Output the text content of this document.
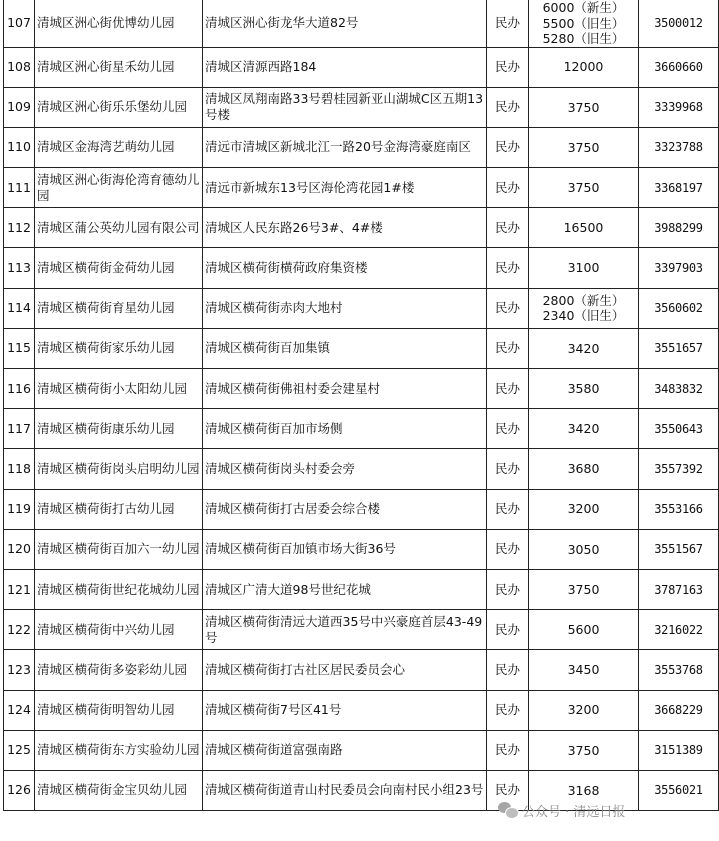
107	清城区洲心街优博幼儿园	清城区洲心街龙华大道82号	民办	6000（新生）
5500（旧生）
5280（旧生）	3500012
108	清城区洲心街星禾幼儿园	清城区清源西路184	民办	12000	3660660
109	清城区洲心街乐乐堡幼儿园	清城区凤翔南路33号碧桂园新亚山湖城C区五期13号楼	民办	3750	3339968
110	清城区金海湾艺萌幼儿园	清远市清城区新城北江一路20号金海湾豪庭南区	民办	3750	3323788
111	清城区洲心街海伦湾育德幼儿园	清远市新城东13号区海伦湾花园1#楼	民办	3750	3368197
112	清城区蒲公英幼儿园有限公司	清城区人民东路26号3#、4#楼	民办	16500	3988299
113	清城区横荷街金荷幼儿园	清城区横荷街横荷政府集资楼	民办	3100	3397903
114	清城区横荷街育星幼儿园	清城区横荷街赤肉大地村	民办	2800（新生）
2340（旧生）	3560602
115	清城区横荷街家乐幼儿园	清城区横荷街百加集镇	民办	3420	3551657
116	清城区横荷街小太阳幼儿园	清城区横荷街佛祖村委会建星村	民办	3580	3483832
117	清城区横荷街康乐幼儿园	清城区横荷街百加市场侧	民办	3420	3550643
118	清城区横荷街岗头启明幼儿园	清城区横荷街岗头村委会旁	民办	3680	3557392
119	清城区横荷街打古幼儿园	清城区横荷街打古居委会综合楼	民办	3200	3553166
120	清城区横荷街百加六一幼儿园	清城区横荷街百加镇市场大街36号	民办	3050	3551567
121	清城区横荷街世纪花城幼儿园	清城区广清大道98号世纪花城	民办	3750	3787163
122	清城区横荷街中兴幼儿园	清城区横荷街清远大道西35号中兴豪庭首层43-49号	民办	5600	3216022
123	清城区横荷街多姿彩幼儿园	清城区横荷街打古社区居民委员会心	民办	3450	3553768
124	清城区横荷街明智幼儿园	清城区横荷街7号区41号	民办	3200	3668229
125	清城区横荷街东方实验幼儿园	清城区横荷街道富强南路	民办	3750	3151389
126	清城区横荷街金宝贝幼儿园	清城区横荷街道青山村民委员会向南村民小组23号	民办	3168	3556021
公众号 · 清远日报
